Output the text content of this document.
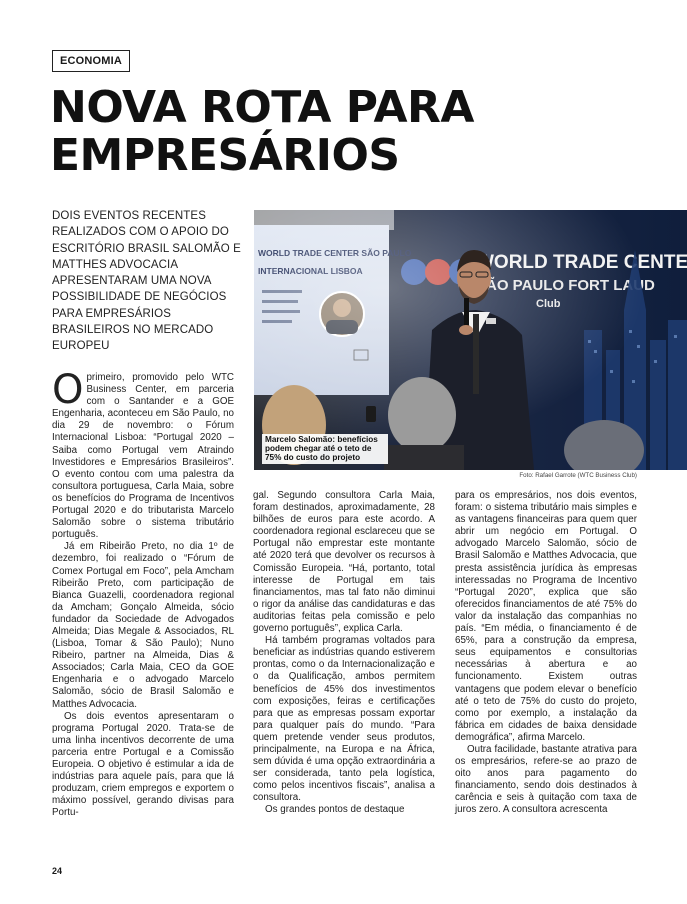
ECONOMIA
NOVA ROTA PARA
EMPRESÁRIOS
DOIS EVENTOS RECENTES REALIZADOS COM O APOIO DO ESCRITÓRIO BRASIL SALOMÃO E MATTHES ADVOCACIA APRESENTARAM UMA NOVA POSSIBILIDADE DE NEGÓCIOS PARA EMPRESÁRIOS BRASILEIROS NO MERCADO EUROPEU
Marcelo Salomão: benefícios podem chegar até o teto de 75% do custo do projeto
Foto: Rafael Garrote (WTC Business Club)

Oprimeiro, promovido pelo WTC Business Center, em parceria com o Santander e a GOE Engenharia, aconteceu em São Paulo, no dia 29 de novembro: o Fórum Internacional Lisboa: “Portugal 2020 – Saiba como Portugal vem Atraindo Investidores e Empresários Brasileiros”. O evento contou com uma palestra da consultora portuguesa, Carla Maia, sobre os benefícios do Programa de Incentivos Portugal 2020 e do tributarista Marcelo Salomão sobre o sistema tributário português.

Já em Ribeirão Preto, no dia 1º de dezembro, foi realizado o “Fórum de Comex Portugal em Foco”, pela Amcham Ribeirão Preto, com participação de Bianca Guazelli, coordenadora regional da Amcham; Gonçalo Almeida, sócio fundador da Sociedade de Advogados Almeida; Dias Megale & Associados, RL (Lisboa, Tomar & São Paulo); Nuno Ribeiro, partner na Almeida, Dias & Associados; Carla Maia, CEO da GOE Engenharia e o advogado Marcelo Salomão, sócio de Brasil Salomão e Matthes Advocacia.

Os dois eventos apresentaram o programa Portugal 2020. Trata-se de uma linha incentivos decorrente de uma parceria entre Portugal e a Comissão Europeia. O objetivo é estimular a ida de indústrias para aquele país, para que lá produzam, criem empregos e exportem o máximo possível, gerando divisas para Portu-

gal. Segundo consultora Carla Maia, foram destinados, aproximadamente, 28 bilhões de euros para este acordo. A coordenadora regional esclareceu que se Portugal não emprestar este montante até 2020 terá que devolver os recursos à Comissão Europeia. “Há, portanto, total interesse de Portugal em tais financiamentos, mas tal fato não diminui o rigor da análise das candidaturas e das auditorias feitas pela comissão e pelo governo português”, explica Carla.

Há também programas voltados para beneficiar as indústrias quando estiverem prontas, como o da Internacionalização e o da Qualificação, ambos permitem benefícios de 45% dos investimentos com exposições, feiras e certificações para que as empresas possam exportar para qualquer país do mundo. “Para quem pretende vender seus produtos, principalmente, na Europa e na África, sem dúvida é uma opção extraordinária a ser considerada, tanto pela logística, como pelos incentivos fiscais”, analisa a consultora.

Os grandes pontos de destaque

para os empresários, nos dois eventos, foram: o sistema tributário mais simples e as vantagens financeiras para quem quer abrir um negócio em Portugal. O advogado Marcelo Salomão, sócio de Brasil Salomão e Matthes Advocacia, que presta assistência jurídica às empresas interessadas no Programa de Incentivo “Portugal 2020”, explica que são oferecidos financiamentos de até 75% do valor da instalação das companhias no país. “Em média, o financiamento é de 65%, para a construção da empresa, seus equipamentos e consultorias necessárias à abertura e ao funcionamento. Existem outras vantagens que podem elevar o benefício até o teto de 75% do custo do projeto, como por exemplo, a instalação da fábrica em cidades de baixa densidade demográfica”, afirma Marcelo.

Outra facilidade, bastante atrativa para os empresários, refere-se ao prazo de oito anos para pagamento do financiamento, sendo dois destinados à carência e seis à quitação com taxa de juros zero. A consultora acrescenta

24
